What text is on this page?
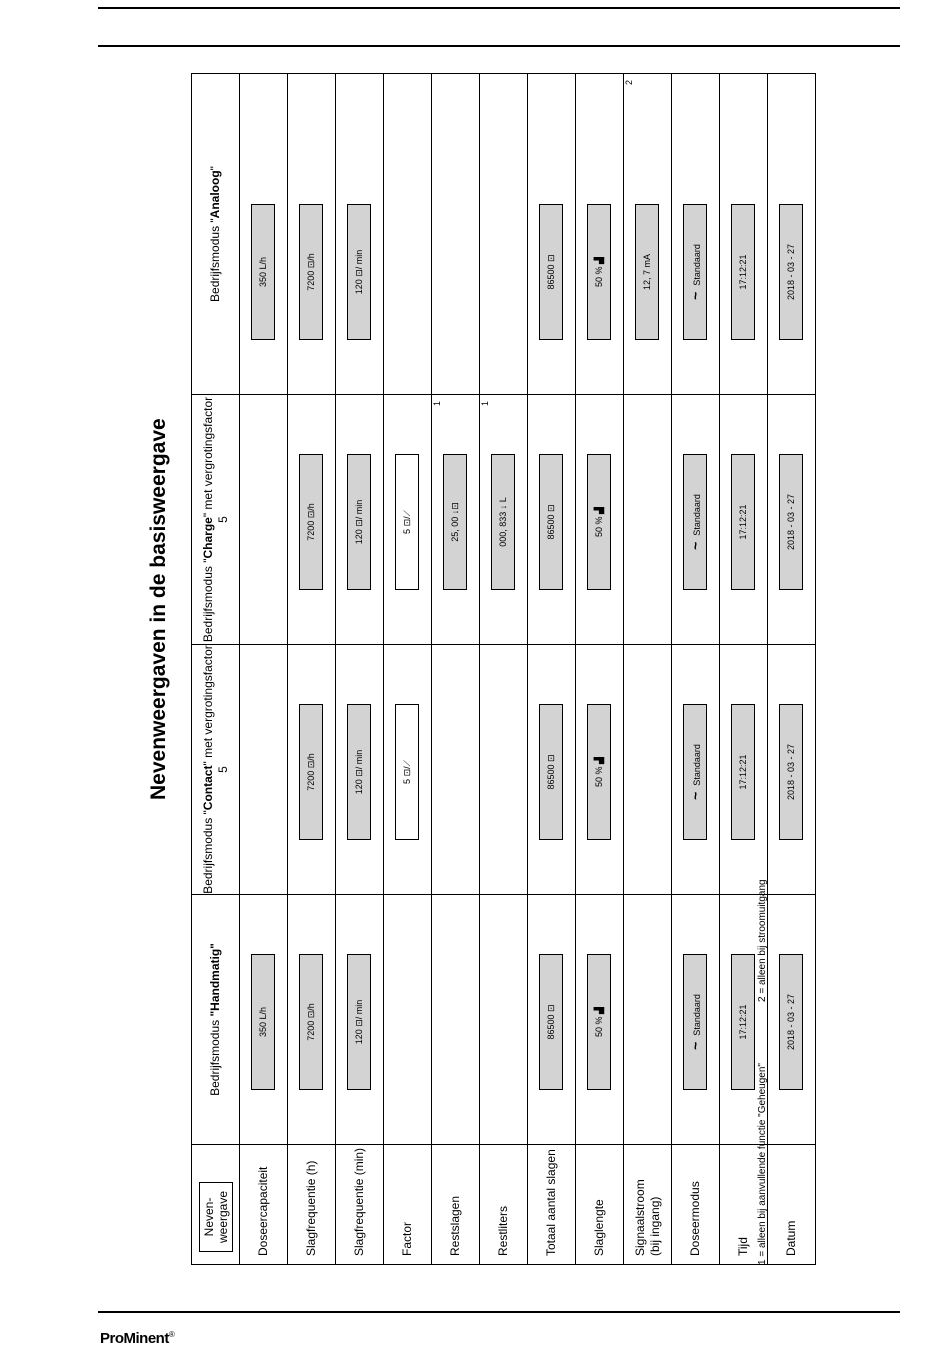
ProMinent®
Nevenweergaven in de basisweergave
Neven-
weergave	Bedrijfsmodus "Handmatig"	Bedrijfsmodus "Contact" met vergrotingsfactor 5	Bedrijfsmodus "Charge" met vergrotingsfactor 5	Bedrijfsmodus "Analoog"
Doseercapaciteit	350 L/h			350 L/h

Slagfrequentie (h)	7200 ⊡/h	7200 ⊡/h	7200 ⊡/h	7200 ⊡/h

Slagfrequentie (min)	120 ⊡/ min	120 ⊡/ min	120 ⊡/ min	120 ⊡/ min

Factor		5 ⊡/⟋	5 ⊡/⟋	

Restslagen			25, 00 ↓⊡
1	

Restliters			000, 833 ↓ L
1	

Totaal aantal slagen	86500 ⊡	86500 ⊡	86500 ⊡	86500 ⊡

Slaglengte	50 % ▟	50 % ▟	50 % ▟	50 % ▟

Signaalstroom
(bij ingang)				12, 7 mA
2

Doseermodus	~Standaard	~Standaard	~Standaard	~Standaard

Tijd	17:12:21	17:12:21	17:12:21	17:12:21

Datum	2018 - 03 - 27	2018 - 03 - 27	2018 - 03 - 27	2018 - 03 - 27
1 = alleen bij aanvullende functie "Geheugen"
2 = alleen bij stroomuitgang
